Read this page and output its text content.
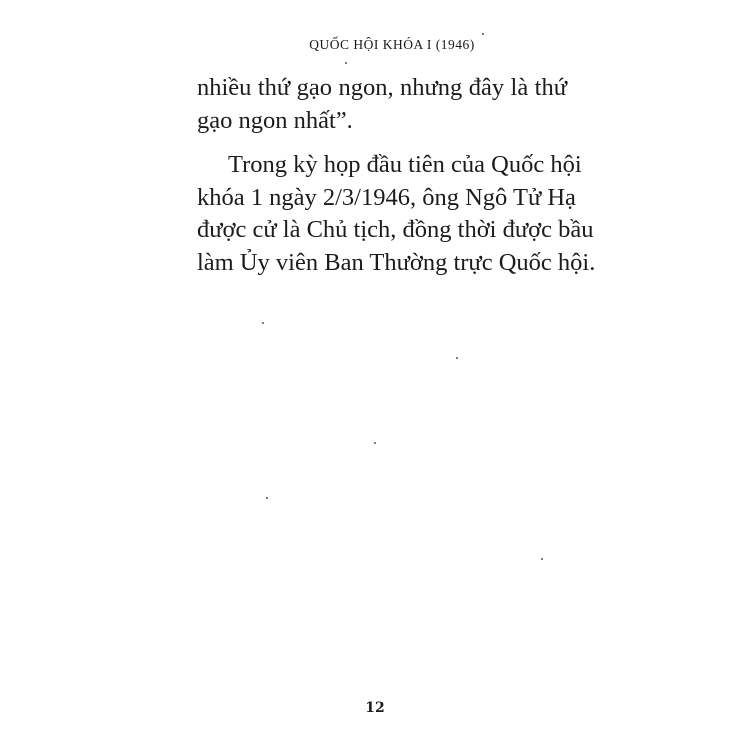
QUỐC HỘI KHÓA I (1946)
nhiều thứ gạo ngon, nhưng đây là thứ
gạo ngon nhất”.
Trong kỳ họp đầu tiên của Quốc hội
khóa 1 ngày 2/3/1946, ông Ngô Tử Hạ
được cử là Chủ tịch, đồng thời được bầu
làm Ủy viên Ban Thường trực Quốc hội.
12
